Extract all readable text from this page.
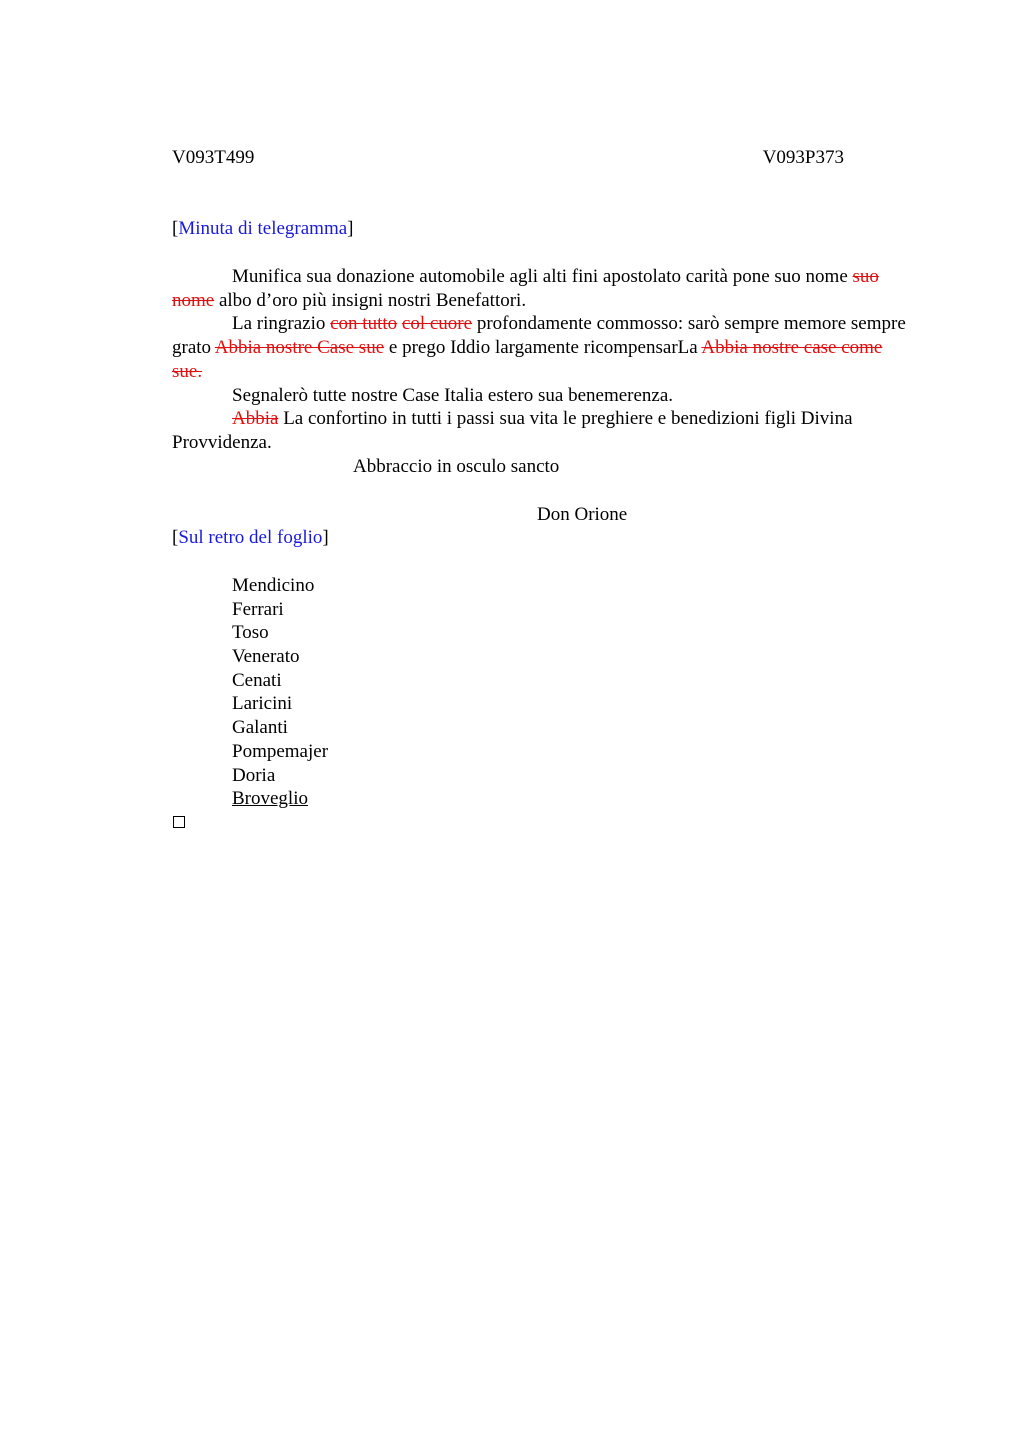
V093T499	V093P373
[Minuta di telegramma]

Munifica sua donazione automobile agli alti fini apostolato carità pone suo nome suo nome albo d’oro più insigni nostri Benefattori.

La ringrazio con tutto col cuore profondamente commosso: sarò sempre memore sempre grato Abbia nostre Case sue e prego Iddio largamente ricompensarLa Abbia nostre case come sue.

Segnalerò tutte nostre Case Italia estero sua benemerenza.

Abbia La confortino in tutti i passi sua vita le preghiere e benedizioni figli Divina Provvidenza.

Abbraccio in osculo sancto

Don Orione
[Sul retro del foglio]
Mendicino
Ferrari
Toso
Venerato
Cenati
Laricini
Galanti
Pompemajer
Doria
Broveglio
